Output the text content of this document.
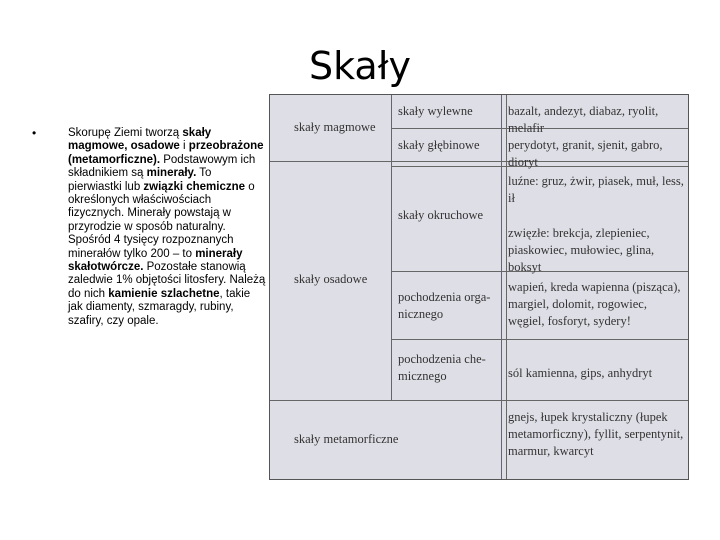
Skały
•	Skorupę Ziemi tworzą skały magmowe, osadowe i przeobrażone (metamorficzne). Podstawowym ich składnikiem są minerały. To pierwiastki lub związki chemiczne o określonych właściwościach fizycznych. Minerały powstają w przyrodzie w sposób naturalny. Spośród 4 tysięcy rozpoznanych minerałów tylko 200 – to minerały skałotwórcze. Pozostałe stanowią zaledwie 1% objętości litosfery. Należą do nich kamienie szlachetne, takie jak diamenty, szmaragdy, rubiny, szafiry, czy opale.
skały magmowe
skały osadowe
skały metamorficzne
skały wylewne
skały głębinowe
skały okruchowe
pochodzenia orga-nicznego
pochodzenia che-micznego
bazalt, andezyt, diabaz, ryolit, melafir
perydotyt, granit, sjenit, gabro, dioryt
luźne: gruz, żwir, piasek, muł, less, ił
zwięzłe: brekcja, zlepieniec, piaskowiec, mułowiec, glina, boksyt
wapień, kreda wapienna (pisząca), margiel, dolomit, rogowiec, węgiel, fosforyt, sydery!
sól kamienna, gips, anhydryt
gnejs, łupek krystaliczny (łupek metamorficzny), fyllit, serpentynit, marmur, kwarcyt
